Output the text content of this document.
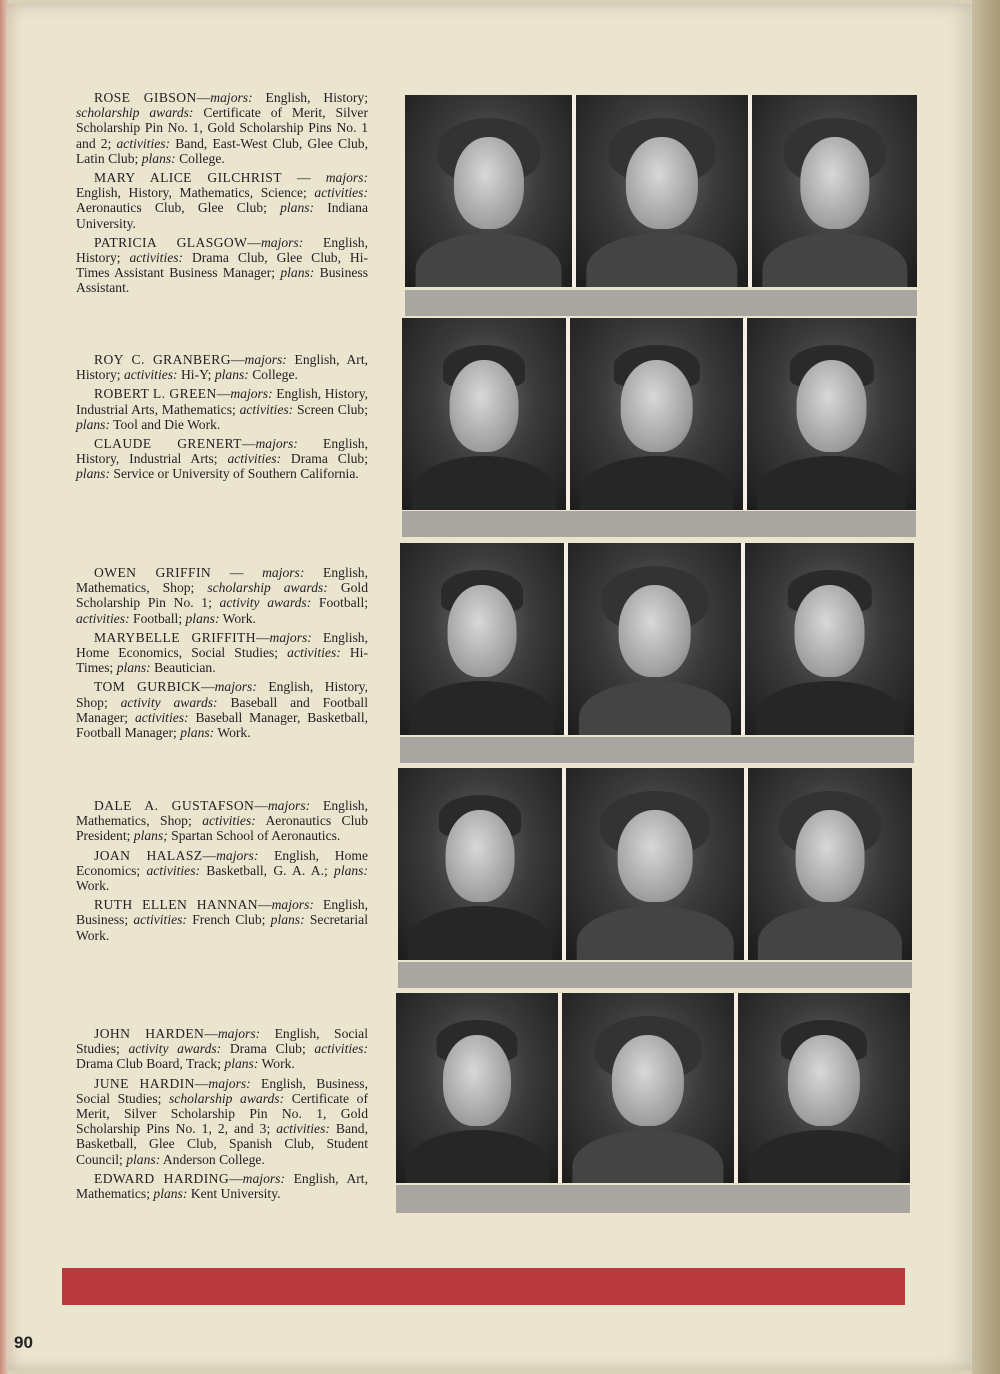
ROSE GIBSON—majors: English, History; scholarship awards: Certificate of Merit, Silver Scholarship Pin No. 1, Gold Scholarship Pins No. 1 and 2; activities: Band, East-West Club, Glee Club, Latin Club; plans: College.

MARY ALICE GILCHRIST — majors: English, History, Mathematics, Science; activities: Aeronautics Club, Glee Club; plans: Indiana University.

PATRICIA GLASGOW—majors: English, History; activities: Drama Club, Glee Club, Hi-Times Assistant Business Manager; plans: Business Assistant.

ROY C. GRANBERG—majors: English, Art, History; activities: Hi-Y; plans: College.

ROBERT L. GREEN—majors: English, History, Industrial Arts, Mathematics; activities: Screen Club; plans: Tool and Die Work.

CLAUDE GRENERT—majors: English, History, Industrial Arts; activities: Drama Club; plans: Service or University of Southern California.

OWEN GRIFFIN — majors: English, Mathematics, Shop; scholarship awards: Gold Scholarship Pin No. 1; activity awards: Football; activities: Football; plans: Work.

MARYBELLE GRIFFITH—majors: English, Home Economics, Social Studies; activities: Hi-Times; plans: Beautician.

TOM GURBICK—majors: English, History, Shop; activity awards: Baseball and Football Manager; activities: Baseball Manager, Basketball, Football Manager; plans: Work.

DALE A. GUSTAFSON—majors: English, Mathematics, Shop; activities: Aeronautics Club President; plans; Spartan School of Aeronautics.

JOAN HALASZ—majors: English, Home Economics; activities: Basketball, G. A. A.; plans: Work.

RUTH ELLEN HANNAN—majors: English, Business; activities: French Club; plans: Secretarial Work.

JOHN HARDEN—majors: English, Social Studies; activity awards: Drama Club; activities: Drama Club Board, Track; plans: Work.

JUNE HARDIN—majors: English, Business, Social Studies; scholarship awards: Certificate of Merit, Silver Scholarship Pin No. 1, Gold Scholarship Pins No. 1, 2, and 3; activities: Band, Basketball, Glee Club, Spanish Club, Student Council; plans: Anderson College.

EDWARD HARDING—majors: English, Art, Mathematics; plans: Kent University.

90
